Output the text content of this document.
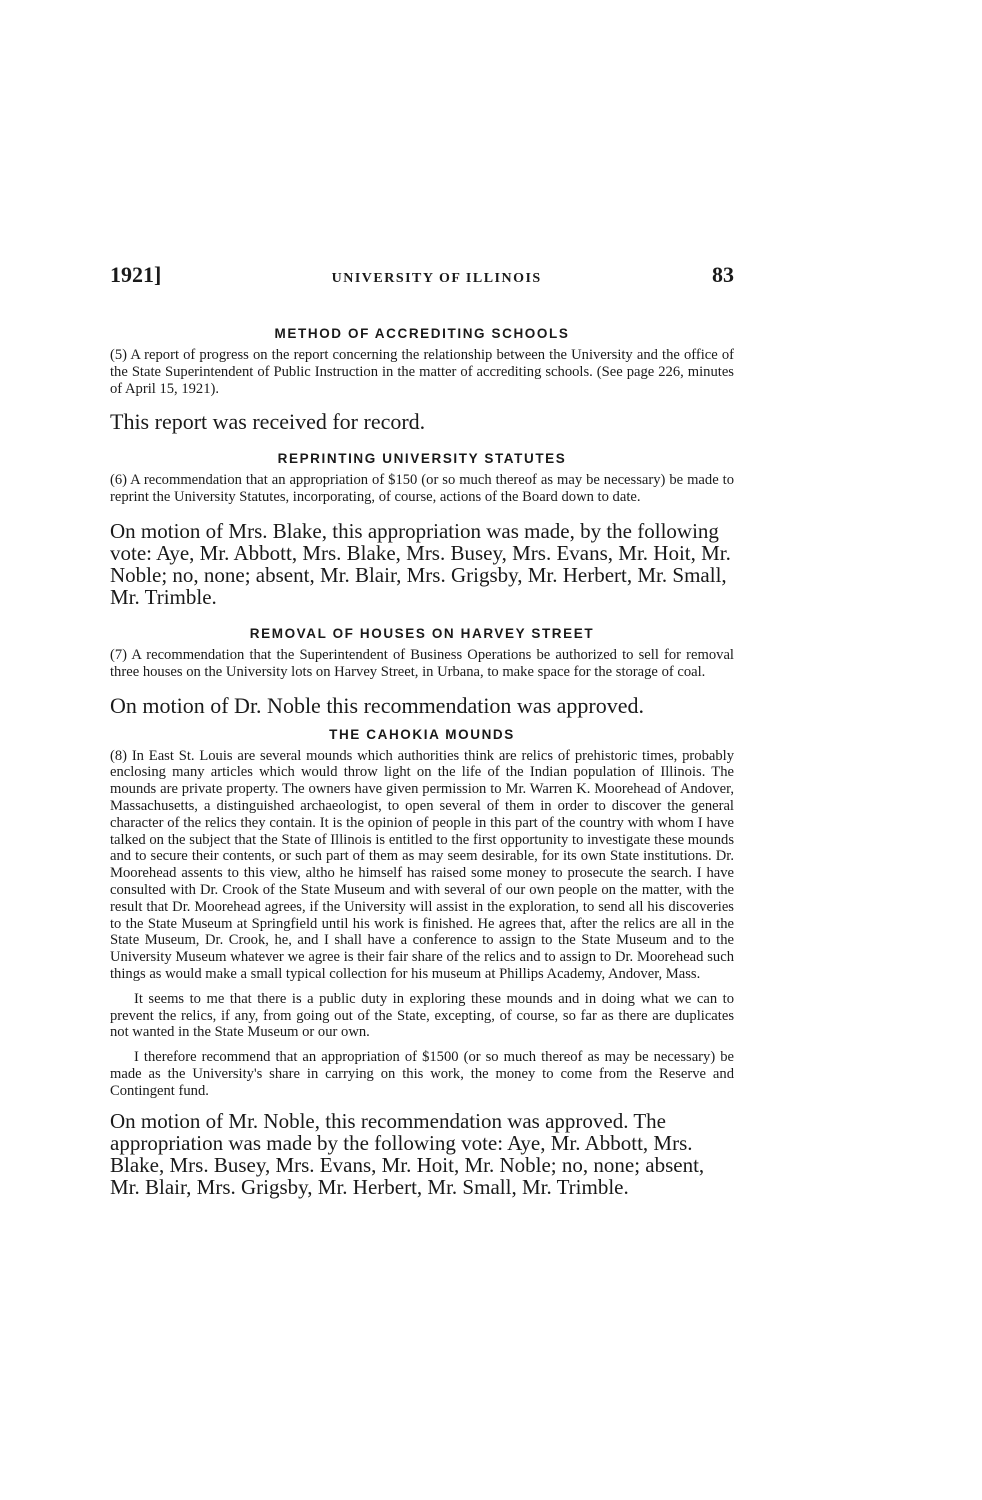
1921]	UNIVERSITY OF ILLINOIS	83
METHOD OF ACCREDITING SCHOOLS

(5) A report of progress on the report concerning the relationship between the University and the office of the State Superintendent of Public Instruction in the matter of accrediting schools. (See page 226, minutes of April 15, 1921).

This report was received for record.

REPRINTING UNIVERSITY STATUTES

(6) A recommendation that an appropriation of $150 (or so much thereof as may be necessary) be made to reprint the University Statutes, incorporating, of course, actions of the Board down to date.

On motion of Mrs. Blake, this appropriation was made, by the following vote: Aye, Mr. Abbott, Mrs. Blake, Mrs. Busey, Mrs. Evans, Mr. Hoit, Mr. Noble; no, none; absent, Mr. Blair, Mrs. Grigsby, Mr. Herbert, Mr. Small, Mr. Trimble.

REMOVAL OF HOUSES ON HARVEY STREET

(7) A recommendation that the Superintendent of Business Operations be authorized to sell for removal three houses on the University lots on Harvey Street, in Urbana, to make space for the storage of coal.

On motion of Dr. Noble this recommendation was approved.

THE CAHOKIA MOUNDS

(8) In East St. Louis are several mounds which authorities think are relics of prehistoric times, probably enclosing many articles which would throw light on the life of the Indian population of Illinois. The mounds are private property. The owners have given permission to Mr. Warren K. Moorehead of Andover, Massachusetts, a distinguished archaeologist, to open several of them in order to discover the general character of the relics they contain. It is the opinion of people in this part of the country with whom I have talked on the subject that the State of Illinois is entitled to the first opportunity to investigate these mounds and to secure their contents, or such part of them as may seem desirable, for its own State institutions. Dr. Moorehead assents to this view, altho he himself has raised some money to prosecute the search. I have consulted with Dr. Crook of the State Museum and with several of our own people on the matter, with the result that Dr. Moorehead agrees, if the University will assist in the exploration, to send all his discoveries to the State Museum at Springfield until his work is finished. He agrees that, after the relics are all in the State Museum, Dr. Crook, he, and I shall have a conference to assign to the State Museum and to the University Museum whatever we agree is their fair share of the relics and to assign to Dr. Moorehead such things as would make a small typical collection for his museum at Phillips Academy, Andover, Mass.

It seems to me that there is a public duty in exploring these mounds and in doing what we can to prevent the relics, if any, from going out of the State, excepting, of course, so far as there are duplicates not wanted in the State Museum or our own.

I therefore recommend that an appropriation of $1500 (or so much thereof as may be necessary) be made as the University's share in carrying on this work, the money to come from the Reserve and Contingent fund.

On motion of Mr. Noble, this recommendation was approved. The appropriation was made by the following vote: Aye, Mr. Abbott, Mrs. Blake, Mrs. Busey, Mrs. Evans, Mr. Hoit, Mr. Noble; no, none; absent, Mr. Blair, Mrs. Grigsby, Mr. Herbert, Mr. Small, Mr. Trimble.
